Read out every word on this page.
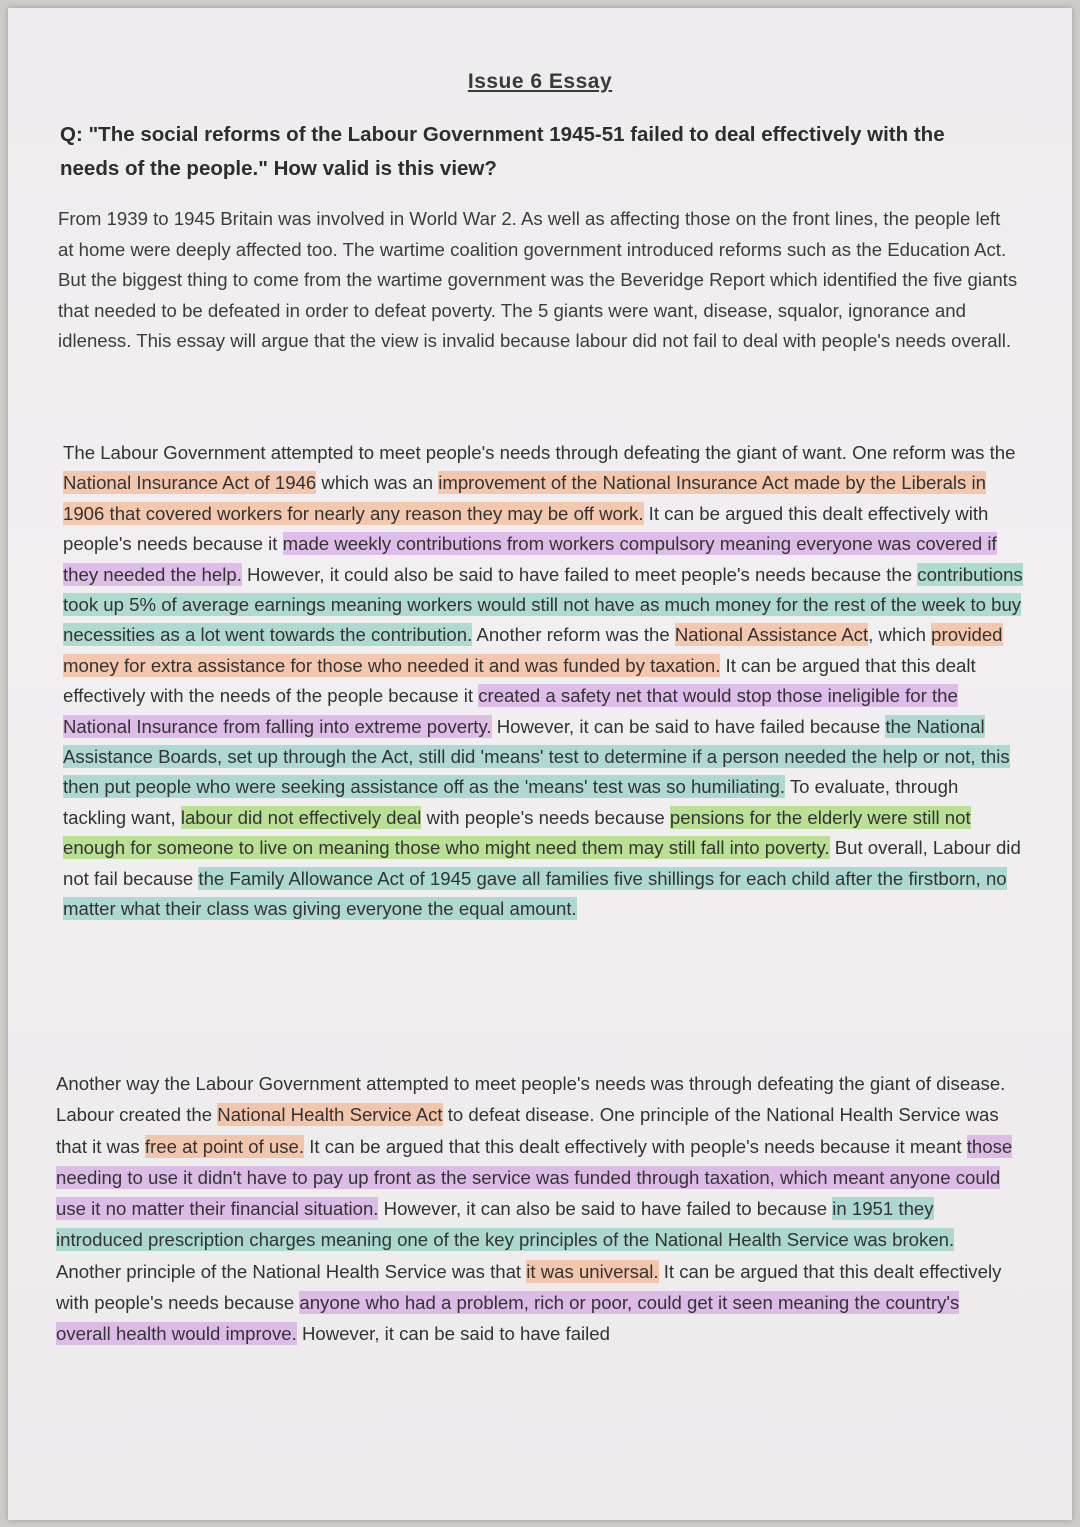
Issue 6 Essay
Q: "The social reforms of the Labour Government 1945-51 failed to deal effectively with the needs of the people." How valid is this view?
From 1939 to 1945 Britain was involved in World War 2. As well as affecting those on the front lines, the people left at home were deeply affected too. The wartime coalition government introduced reforms such as the Education Act. But the biggest thing to come from the wartime government was the Beveridge Report which identified the five giants that needed to be defeated in order to defeat poverty. The 5 giants were want, disease, squalor, ignorance and idleness. This essay will argue that the view is invalid because labour did not fail to deal with people's needs overall.
The Labour Government attempted to meet people's needs through defeating the giant of want. One reform was the National Insurance Act of 1946 which was an improvement of the National Insurance Act made by the Liberals in 1906 that covered workers for nearly any reason they may be off work. It can be argued this dealt effectively with people's needs because it made weekly contributions from workers compulsory meaning everyone was covered if they needed the help. However, it could also be said to have failed to meet people's needs because the contributions took up 5% of average earnings meaning workers would still not have as much money for the rest of the week to buy necessities as a lot went towards the contribution. Another reform was the National Assistance Act, which provided money for extra assistance for those who needed it and was funded by taxation. It can be argued that this dealt effectively with the needs of the people because it created a safety net that would stop those ineligible for the National Insurance from falling into extreme poverty. However, it can be said to have failed because the National Assistance Boards, set up through the Act, still did 'means' test to determine if a person needed the help or not, this then put people who were seeking assistance off as the 'means' test was so humiliating. To evaluate, through tackling want, labour did not effectively deal with people's needs because pensions for the elderly were still not enough for someone to live on meaning those who might need them may still fall into poverty. But overall, Labour did not fail because the Family Allowance Act of 1945 gave all families five shillings for each child after the firstborn, no matter what their class was giving everyone the equal amount.
Another way the Labour Government attempted to meet people's needs was through defeating the giant of disease. Labour created the National Health Service Act to defeat disease. One principle of the National Health Service was that it was free at point of use. It can be argued that this dealt effectively with people's needs because it meant those needing to use it didn't have to pay up front as the service was funded through taxation, which meant anyone could use it no matter their financial situation. However, it can also be said to have failed to because in 1951 they introduced prescription charges meaning one of the key principles of the National Health Service was broken. Another principle of the National Health Service was that it was universal. It can be argued that this dealt effectively with people's needs because anyone who had a problem, rich or poor, could get it seen meaning the country's overall health would improve. However, it can be said to have failed
